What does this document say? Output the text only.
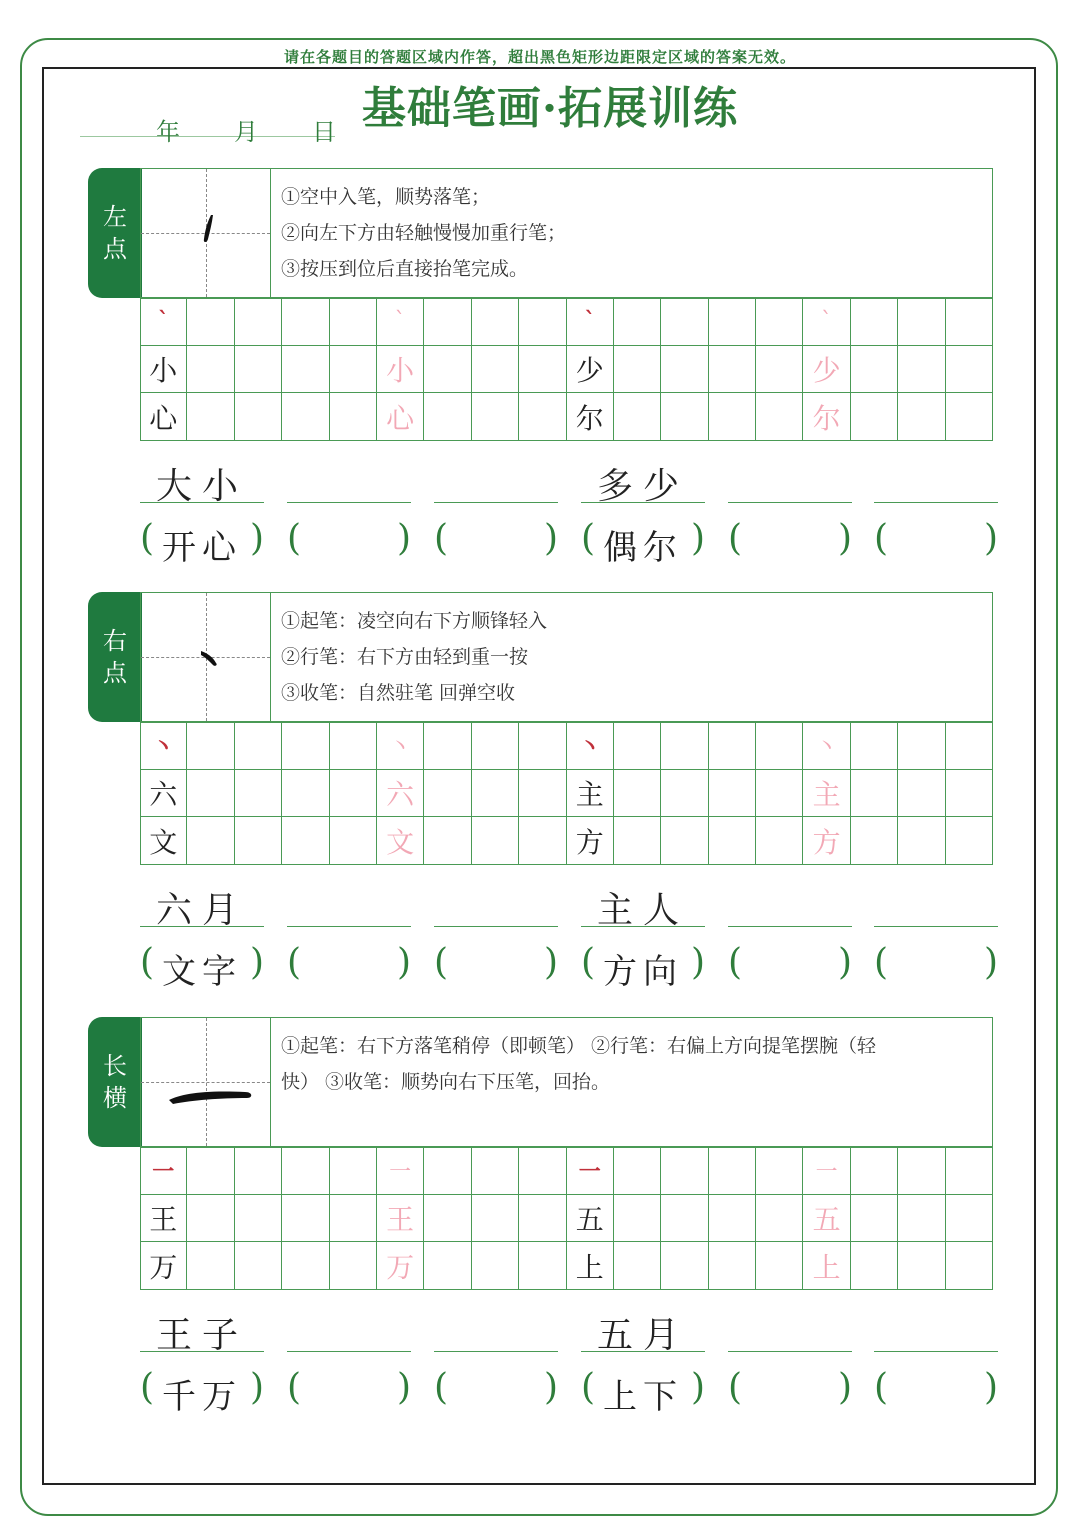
请在各题目的答题区域内作答，超出黑色矩形边距限定区域的答案无效。
基础笔画·拓展训练
年 月 日
左
点
①空中入笔，顺势落笔；
②向左下方由轻触慢慢加重行笔；
③按压到位后直接抬笔完成。
ˋ	ˋ	ˋ	ˋ
小	小	少	少
心	心	尔	尔
大小	多少
( 开心 ) (	) (	) ( 偶尔 ) (	) (	)
右
点
①起笔：凌空向右下方顺锋轻入
②行笔：右下方由轻到重一按
③收笔：自然驻笔 回弹空收
丶	丶	丶	丶
六	六	主	主
文	文	方	方
六月	主人
( 文字 ) (	) (	) ( 方向 ) (	) (	)
长
横
①起笔：右下方落笔稍停（即顿笔） ②行笔：右偏上方向提笔摆腕（轻
快） ③收笔：顺势向右下压笔，回抬。
一	一	一	一
王	王	五	五
万	万	上	上
王子	五月
( 千万 ) (	) (	) ( 上下 ) (	) (	)
